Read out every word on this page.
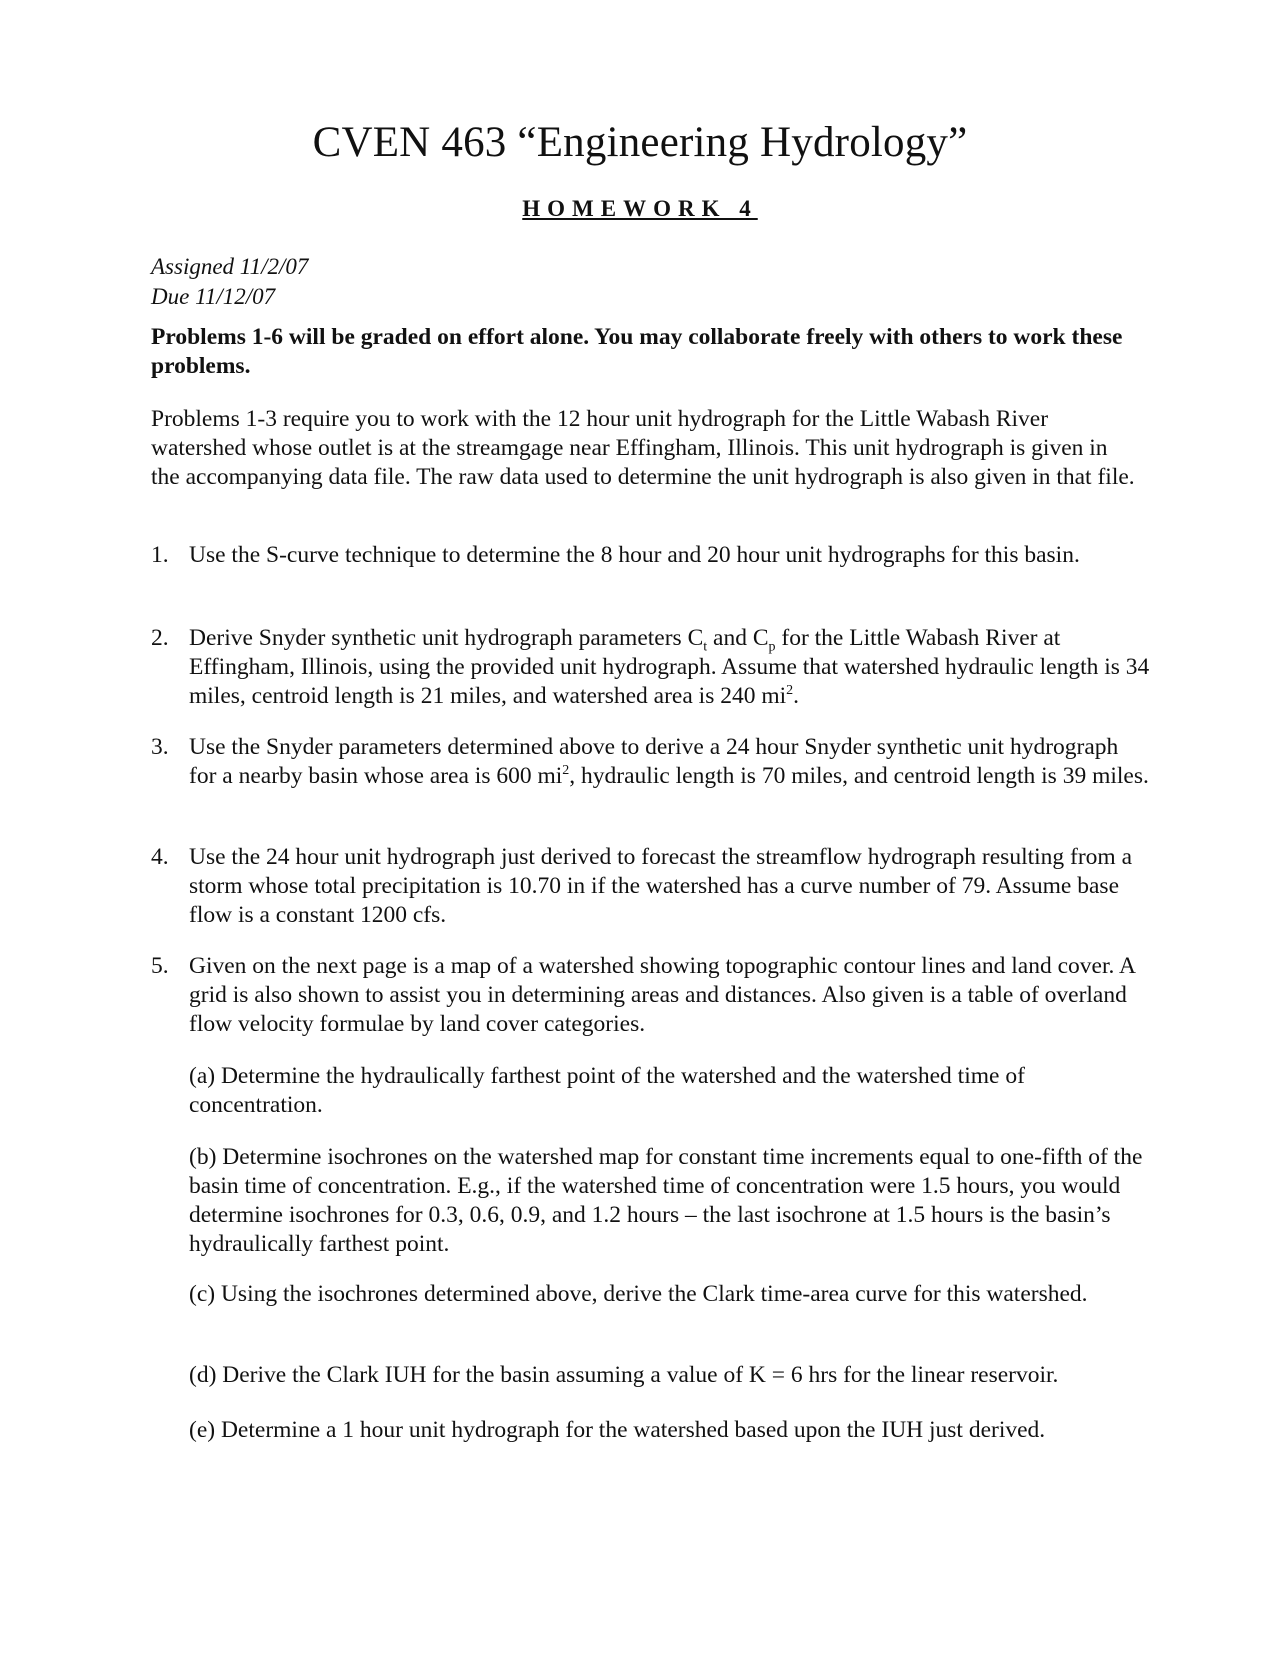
CVEN 463 “Engineering Hydrology”
HOMEWORK 4
Assigned 11/2/07
Due 11/12/07

Problems 1-6 will be graded on effort alone. You may collaborate freely with others to work these problems.

Problems 1-3 require you to work with the 12 hour unit hydrograph for the Little Wabash River watershed whose outlet is at the streamgage near Effingham, Illinois. This unit hydrograph is given in the accompanying data file. The raw data used to determine the unit hydrograph is also given in that file.

1. Use the S-curve technique to determine the 8 hour and 20 hour unit hydrographs for this basin.
2. Derive Snyder synthetic unit hydrograph parameters $C_t$ and $C_p$ for the Little Wabash River at Effingham, Illinois, using the provided unit hydrograph. Assume that watershed hydraulic length is 34 miles, centroid length is 21 miles, and watershed area is 240 $mi^2$.
3. Use the Snyder parameters determined above to derive a 24 hour Snyder synthetic unit hydrograph for a nearby basin whose area is 600 $mi^2$, hydraulic length is 70 miles, and centroid length is 39 miles.
4. Use the 24 hour unit hydrograph just derived to forecast the streamflow hydrograph resulting from a storm whose total precipitation is 10.70 in if the watershed has a curve number of 79. Assume base flow is a constant 1200 cfs.
5. Given on the next page is a map of a watershed showing topographic contour lines and land cover. A grid is also shown to assist you in determining areas and distances. Also given is a table of overland flow velocity formulae by land cover categories.
(a) Determine the hydraulically farthest point of the watershed and the watershed time of concentration.
(b) Determine isochrones on the watershed map for constant time increments equal to one-fifth of the basin time of concentration. E.g., if the watershed time of concentration were 1.5 hours, you would determine isochrones for 0.3, 0.6, 0.9, and 1.2 hours – the last isochrone at 1.5 hours is the basin’s hydraulically farthest point.
(c) Using the isochrones determined above, derive the Clark time-area curve for this watershed.
(d) Derive the Clark IUH for the basin assuming a value of K = 6 hrs for the linear reservoir.
(e) Determine a 1 hour unit hydrograph for the watershed based upon the IUH just derived.
